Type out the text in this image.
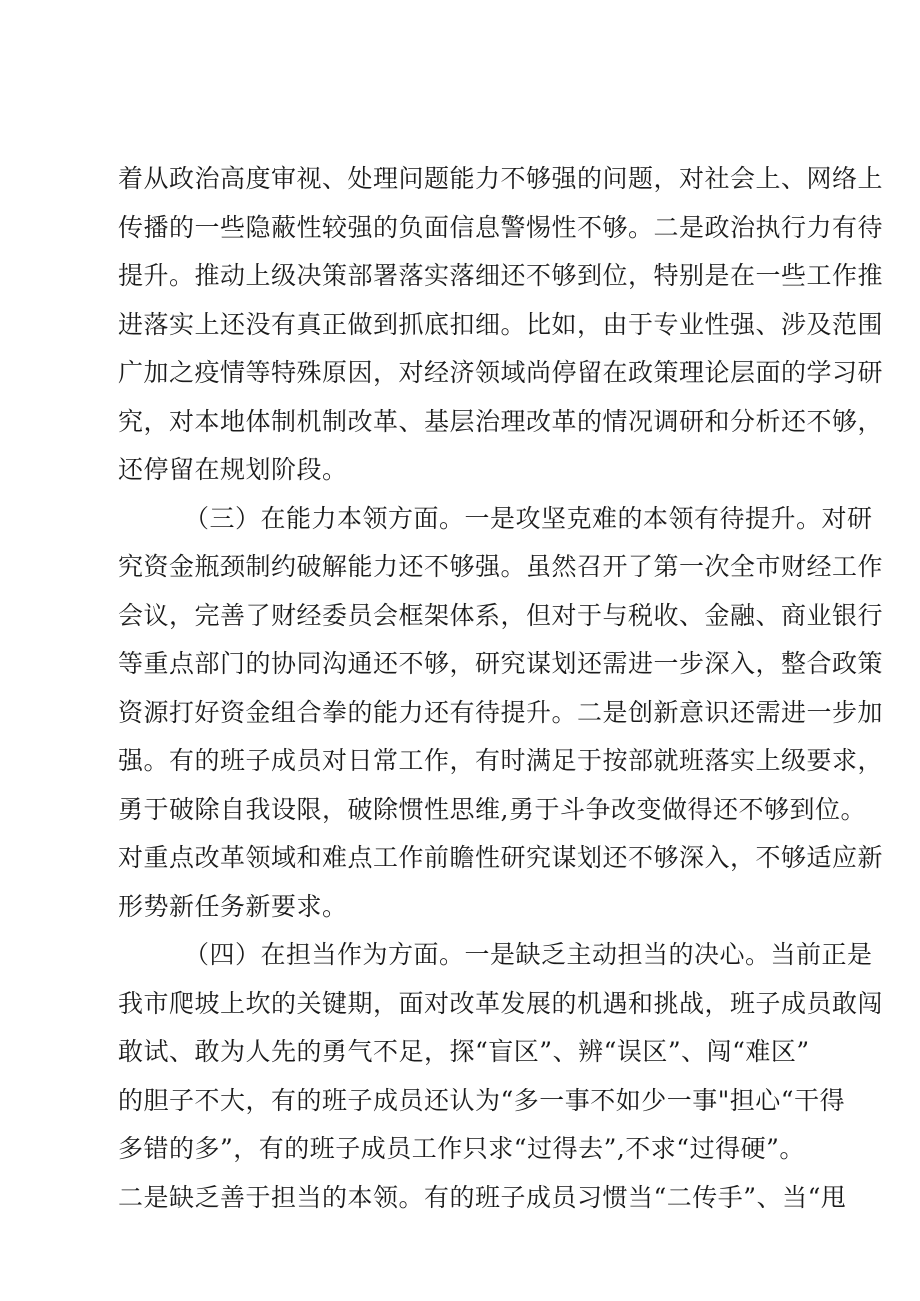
着从政治高度审视、处理问题能力不够强的问题，对社会上、网络上
传播的一些隐蔽性较强的负面信息警惕性不够。二是政治执行力有待
提升。推动上级决策部署落实落细还不够到位，特别是在一些工作推
进落实上还没有真正做到抓底扣细。比如，由于专业性强、涉及范围
广加之疫情等特殊原因，对经济领域尚停留在政策理论层面的学习研
究，对本地体制机制改革、基层治理改革的情况调研和分析还不够，
还停留在规划阶段。
（三）在能力本领方面。一是攻坚克难的本领有待提升。对研
究资金瓶颈制约破解能力还不够强。虽然召开了第一次全市财经工作
会议，完善了财经委员会框架体系，但对于与税收、金融、商业银行
等重点部门的协同沟通还不够，研究谋划还需进一步深入，整合政策
资源打好资金组合拳的能力还有待提升。二是创新意识还需进一步加
强。有的班子成员对日常工作，有时满足于按部就班落实上级要求，
勇于破除自我设限，破除惯性思维,勇于斗争改变做得还不够到位。
对重点改革领域和难点工作前瞻性研究谋划还不够深入，不够适应新
形势新任务新要求。
（四）在担当作为方面。一是缺乏主动担当的决心。当前正是
我市爬坡上坎的关键期，面对改革发展的机遇和挑战，班子成员敢闯
敢试、敢为人先的勇气不足，探“盲区”、辨“误区”、闯“难区”
的胆子不大，有的班子成员还认为“多一事不如少一事"担心“干得
多错的多”，有的班子成员工作只求“过得去”,不求“过得硬”。
二是缺乏善于担当的本领。有的班子成员习惯当“二传手”、当“甩
